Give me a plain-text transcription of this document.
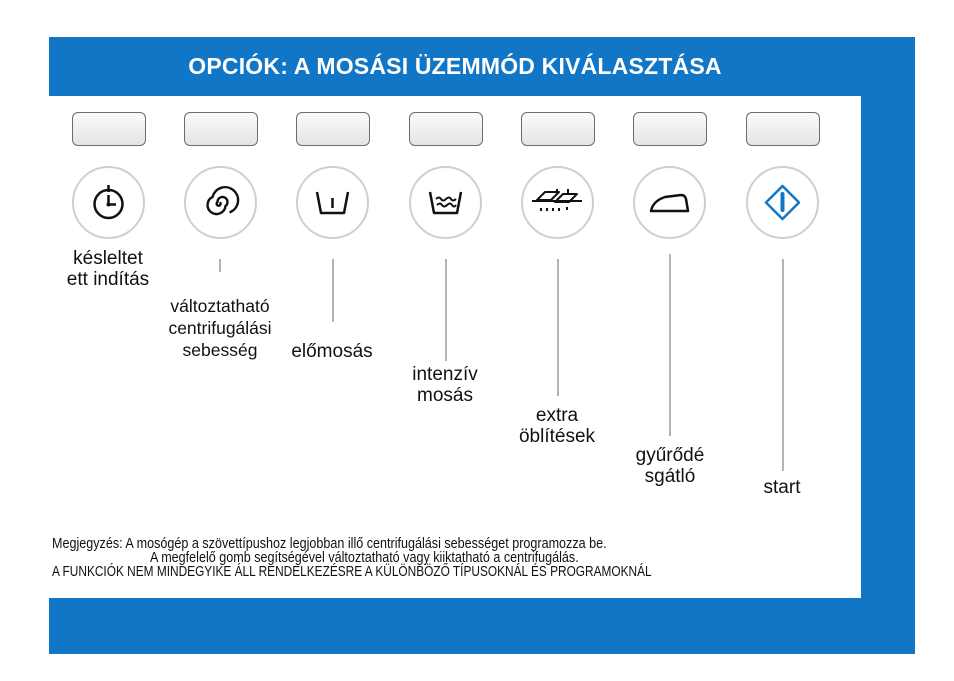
OPCIÓK: A MOSÁSI ÜZEMMÓD KIVÁLASZTÁSA
késleltet
ett indítás
változtatható
centrifugálási
sebesség	előmosás
intenzív
mosás
extra
öblítések
gyűrődé
sgátló
start
Megjegyzés: A mosógép a szövettípushoz legjobban illő centrifugálási sebességet programozza be.
A megfelelő gomb segítségével változtatható vagy kiiktatható a centrifugálás.
A FUNKCIÓK NEM MINDEGYIKE ÁLL RENDELKEZÉSRE A KÜLÖNBÖZŐ TÍPUSOKNÁL ÉS PROGRAMOKNÁL
